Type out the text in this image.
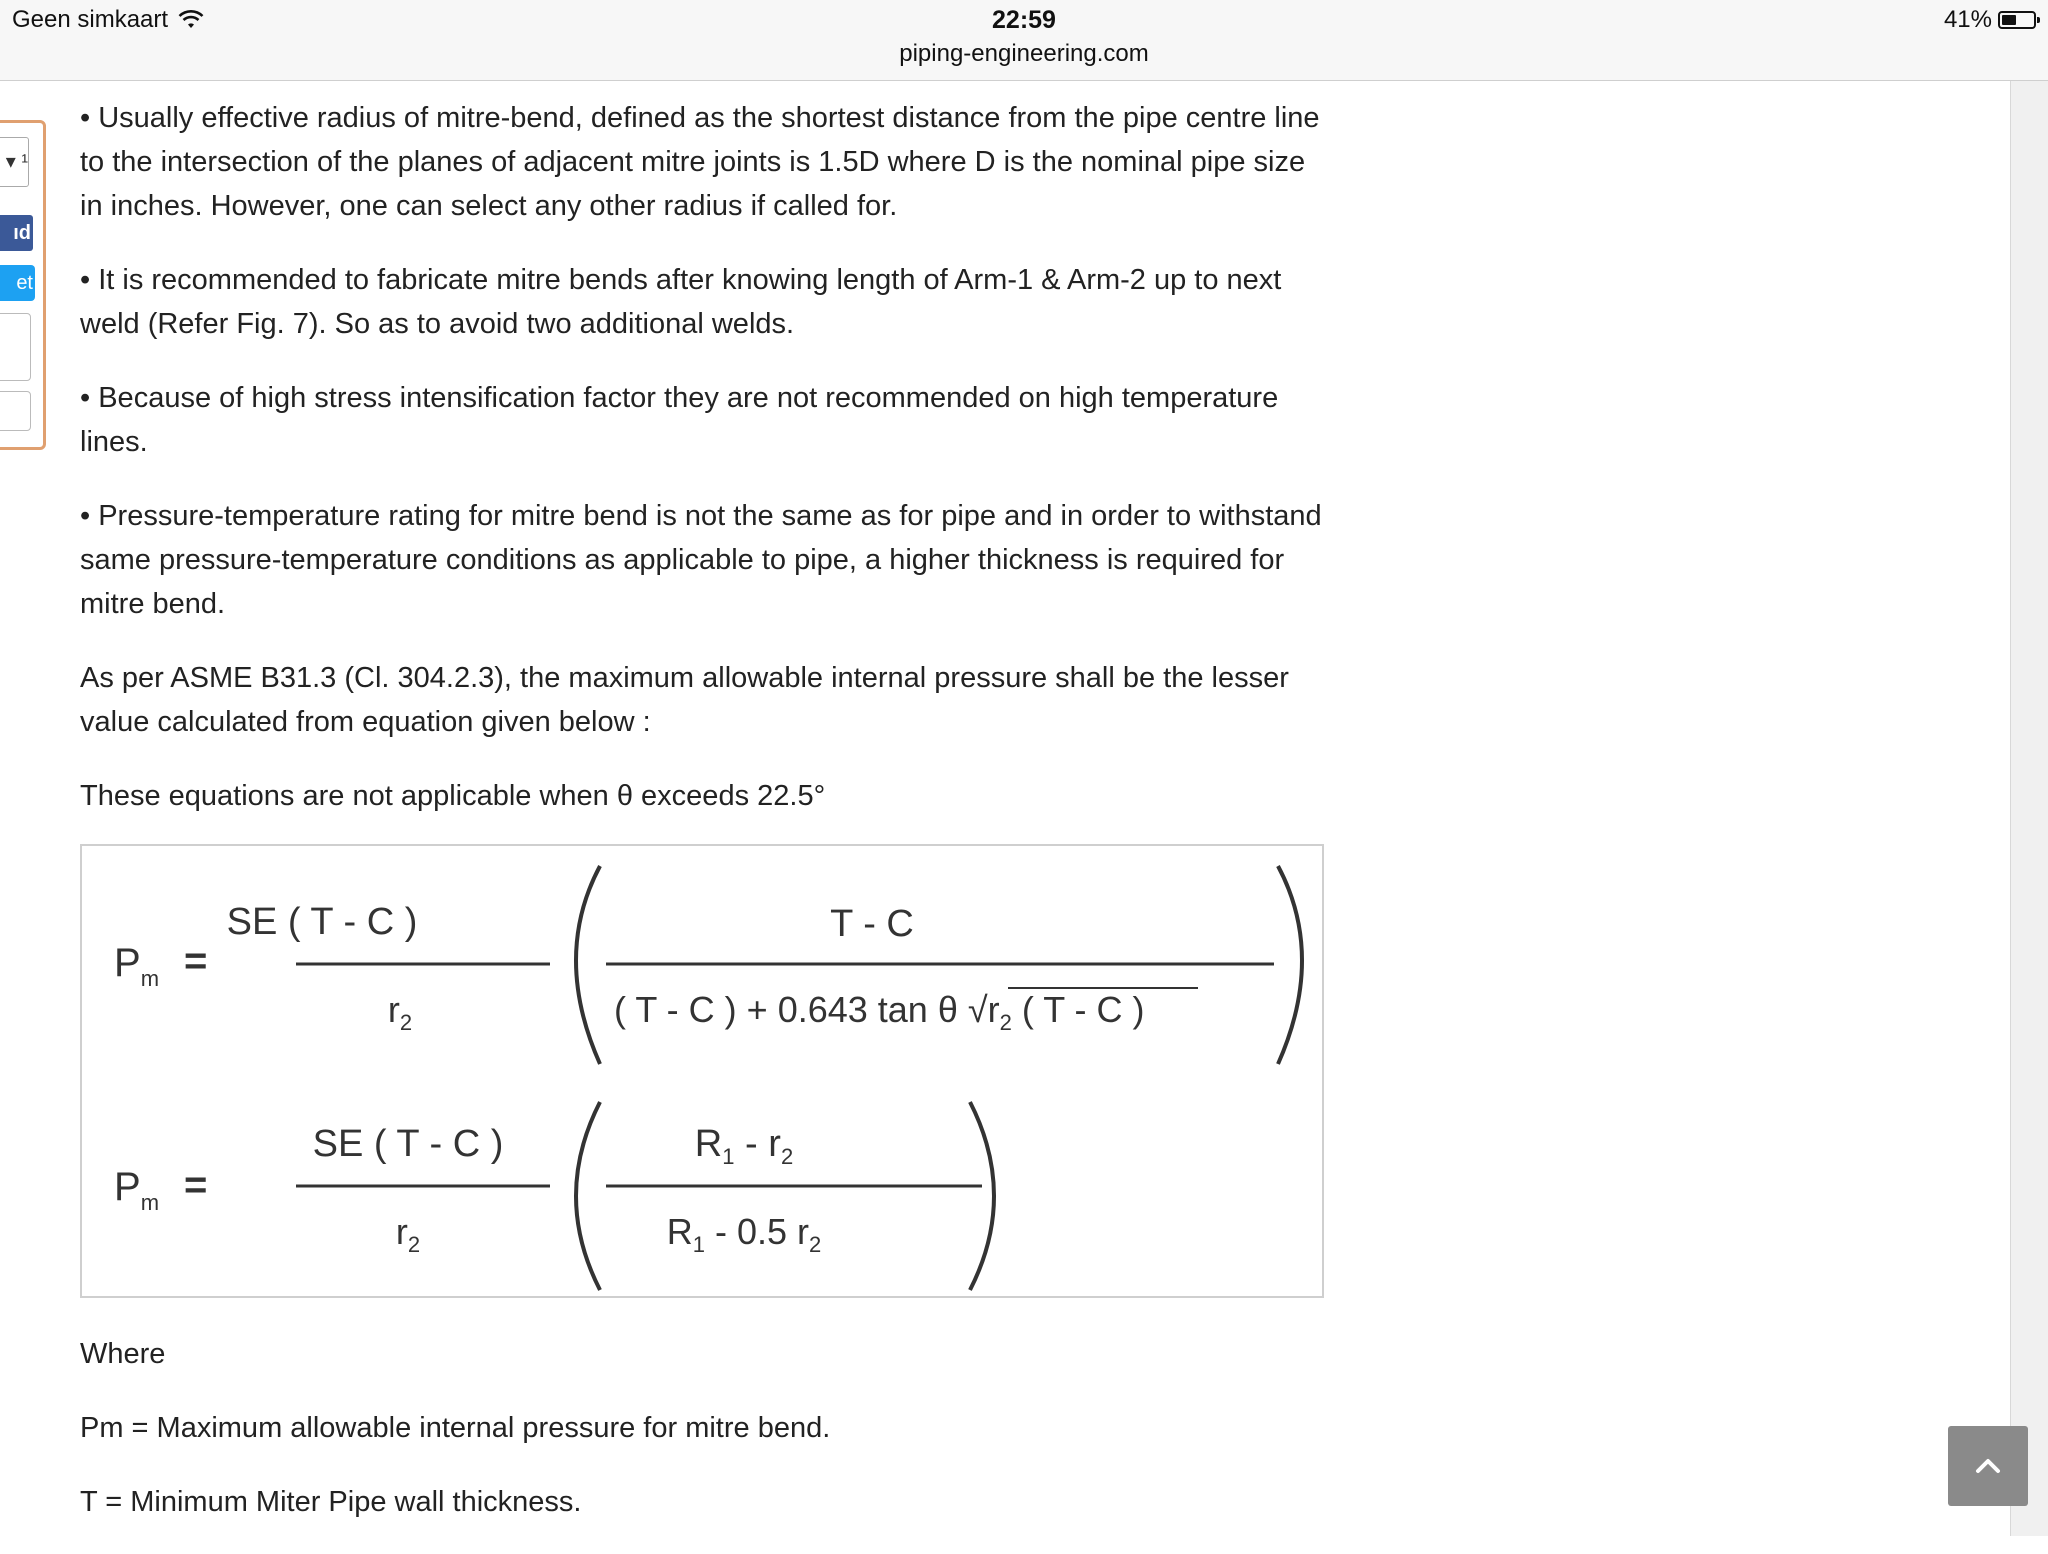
Geen simkaart	22:59
piping-engineering.com
41%
▾ ¹
ıd
et

• Usually effective radius of mitre-bend, defined as the shortest distance from the pipe centre line to the intersection of the planes of adjacent mitre joints is 1.5D where D is the nominal pipe size in inches. However, one can select any other radius if called for.

• It is recommended to fabricate mitre bends after knowing length of Arm-1 & Arm-2 up to next weld (Refer Fig. 7). So as to avoid two additional welds.

• Because of high stress intensification factor they are not recommended on high temperature lines.

• Pressure-temperature rating for mitre bend is not the same as for pipe and in order to withstand same pressure-temperature conditions as applicable to pipe, a higher thickness is required for mitre bend.

As per ASME B31.3 (Cl. 304.2.3), the maximum allowable internal pressure shall be the lesser value calculated from equation given below :

These equations are not applicable when θ exceeds 22.5°

$P_m$ =
SE ( T - C )
$r_2$
T - C
( T - C ) + 0.643 tan θ $√r_2$ ( T - C )
$P_m$ =
SE ( T - C )
$r_2$
$R_1 - r_2$
$R_1 - 0.5$ $r_2$

Where

Pm = Maximum allowable internal pressure for mitre bend.

T = Minimum Miter Pipe wall thickness.
